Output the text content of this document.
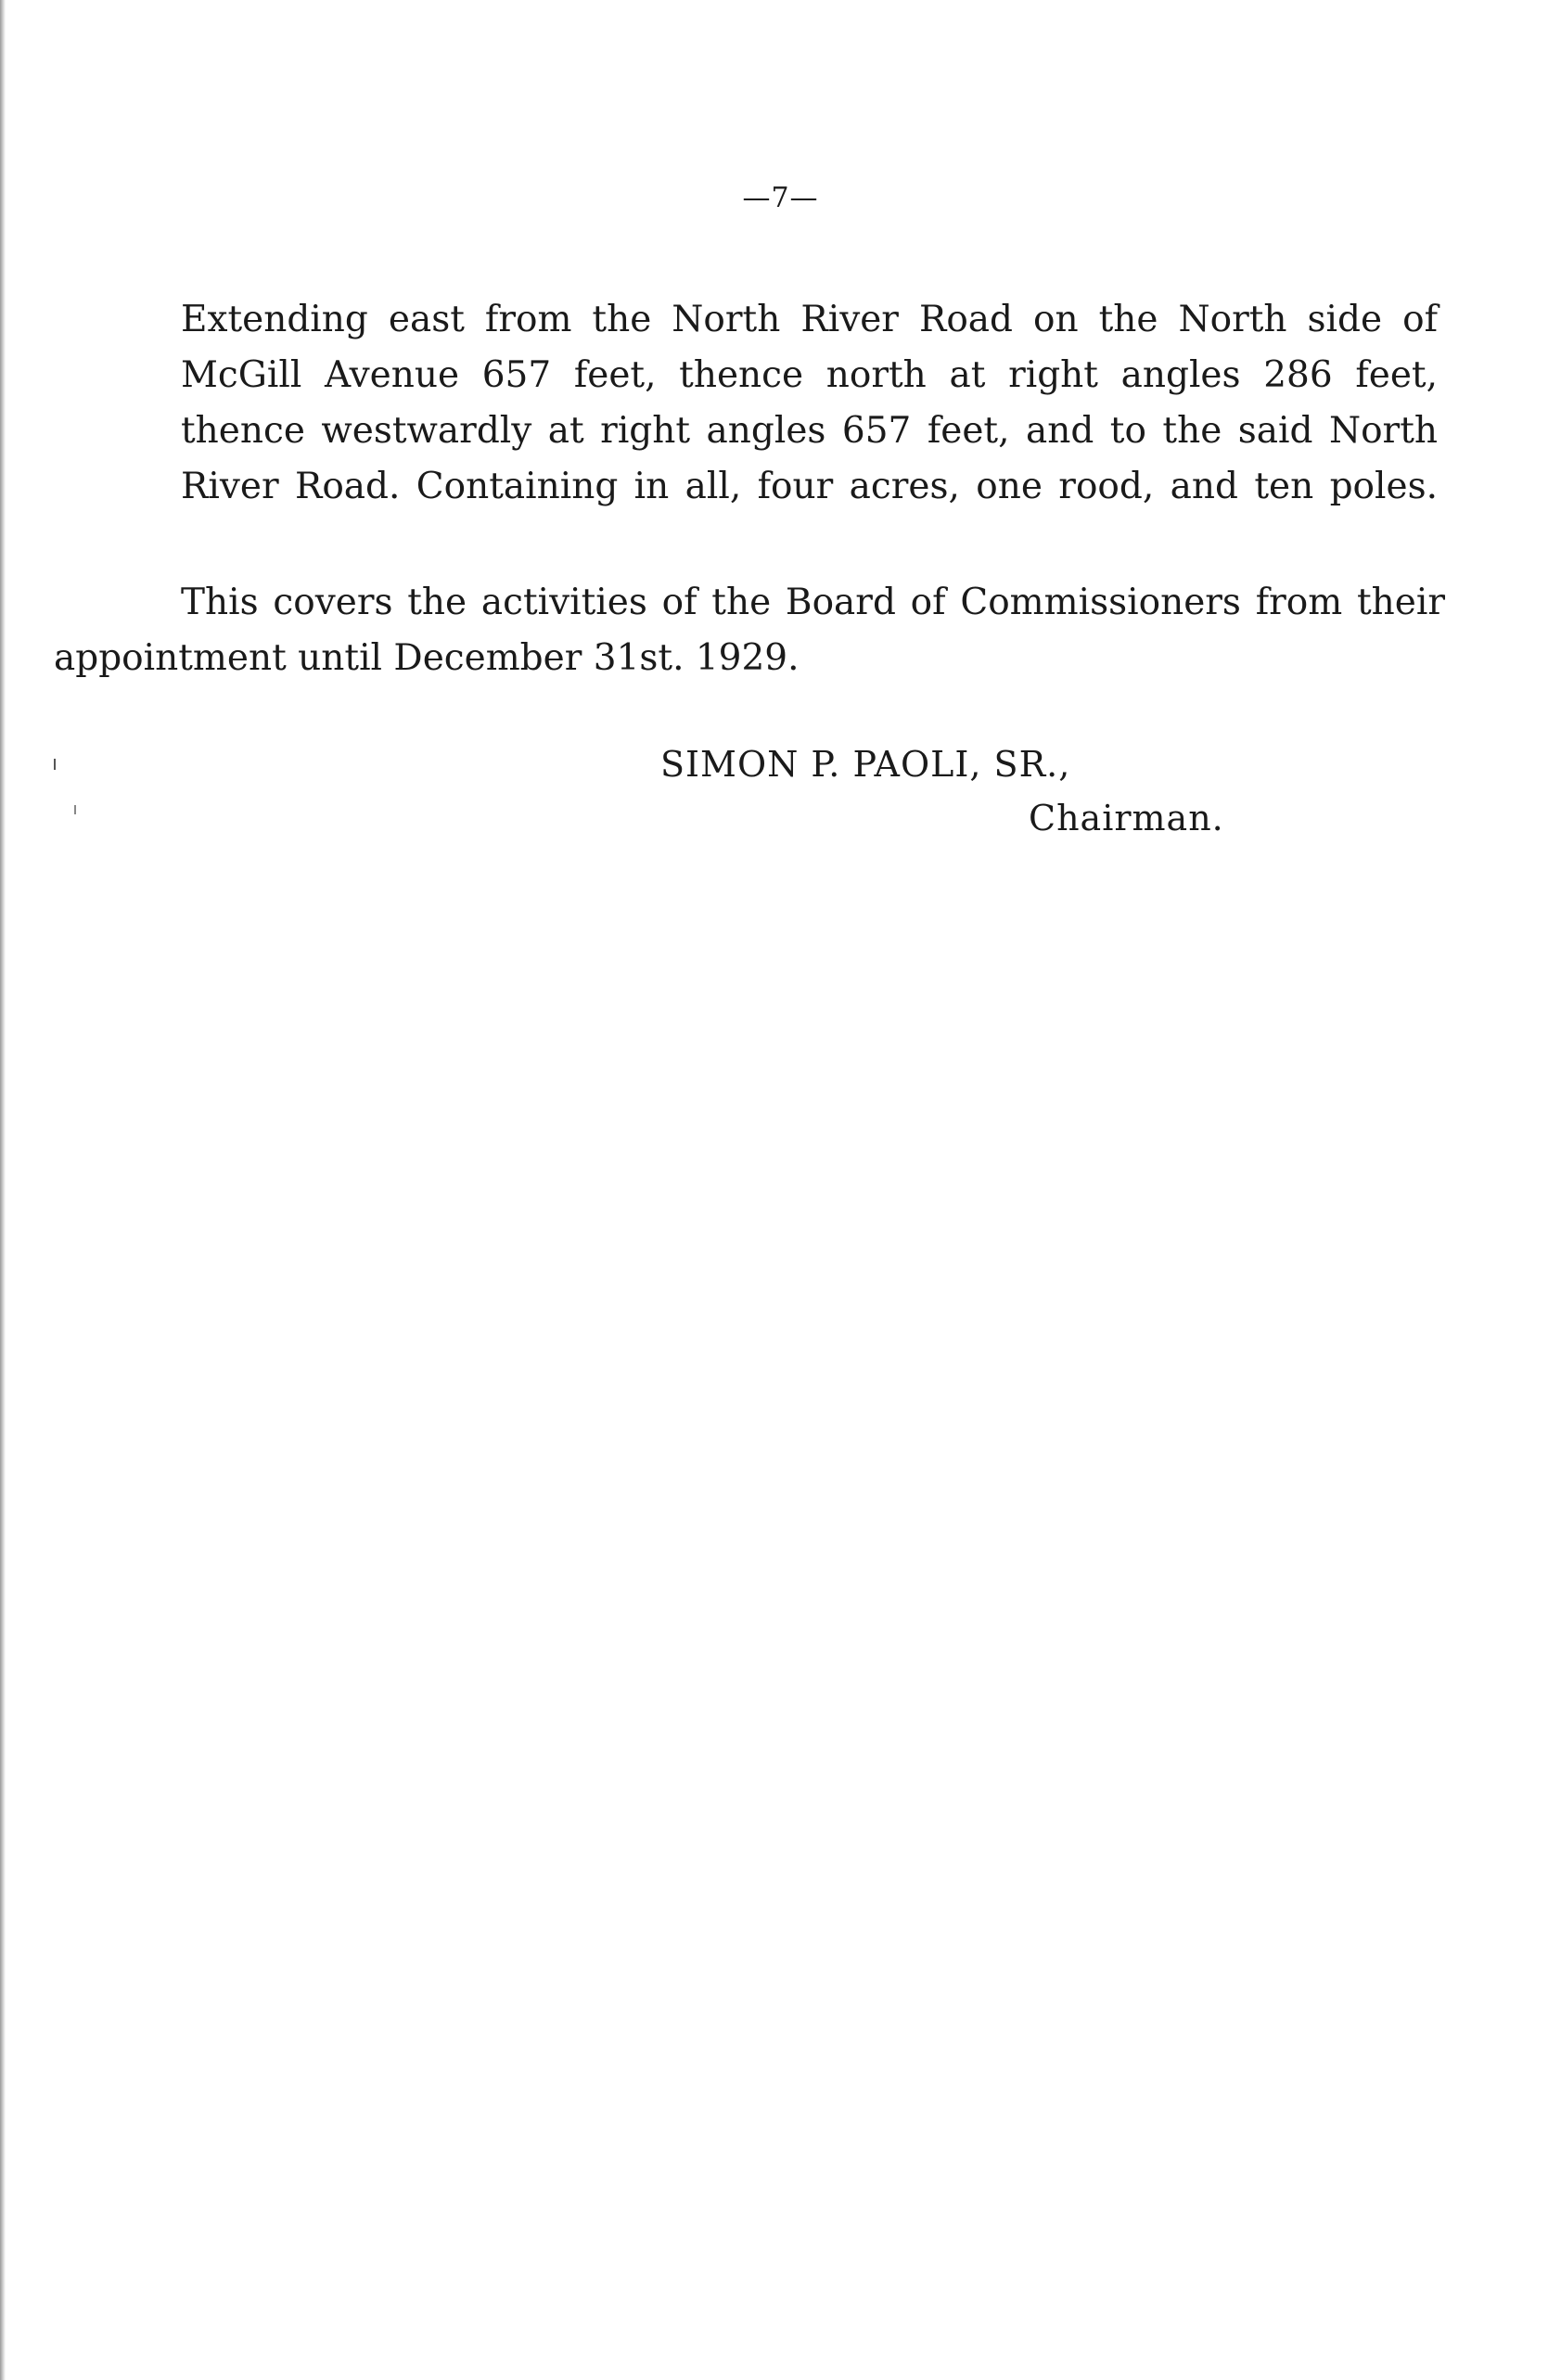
—7—

Extending east from the North River Road on the North side of
McGill Avenue 657 feet, thence north at right angles 286 feet,
thence westwardly at right angles 657 feet, and to the said North
River Road. Containing in all, four acres, one rood, and ten poles.

This covers the activities of the Board of Commissioners from their
appointment until December 31st. 1929.

SIMON P. PAOLI, SR.,
Chairman.
